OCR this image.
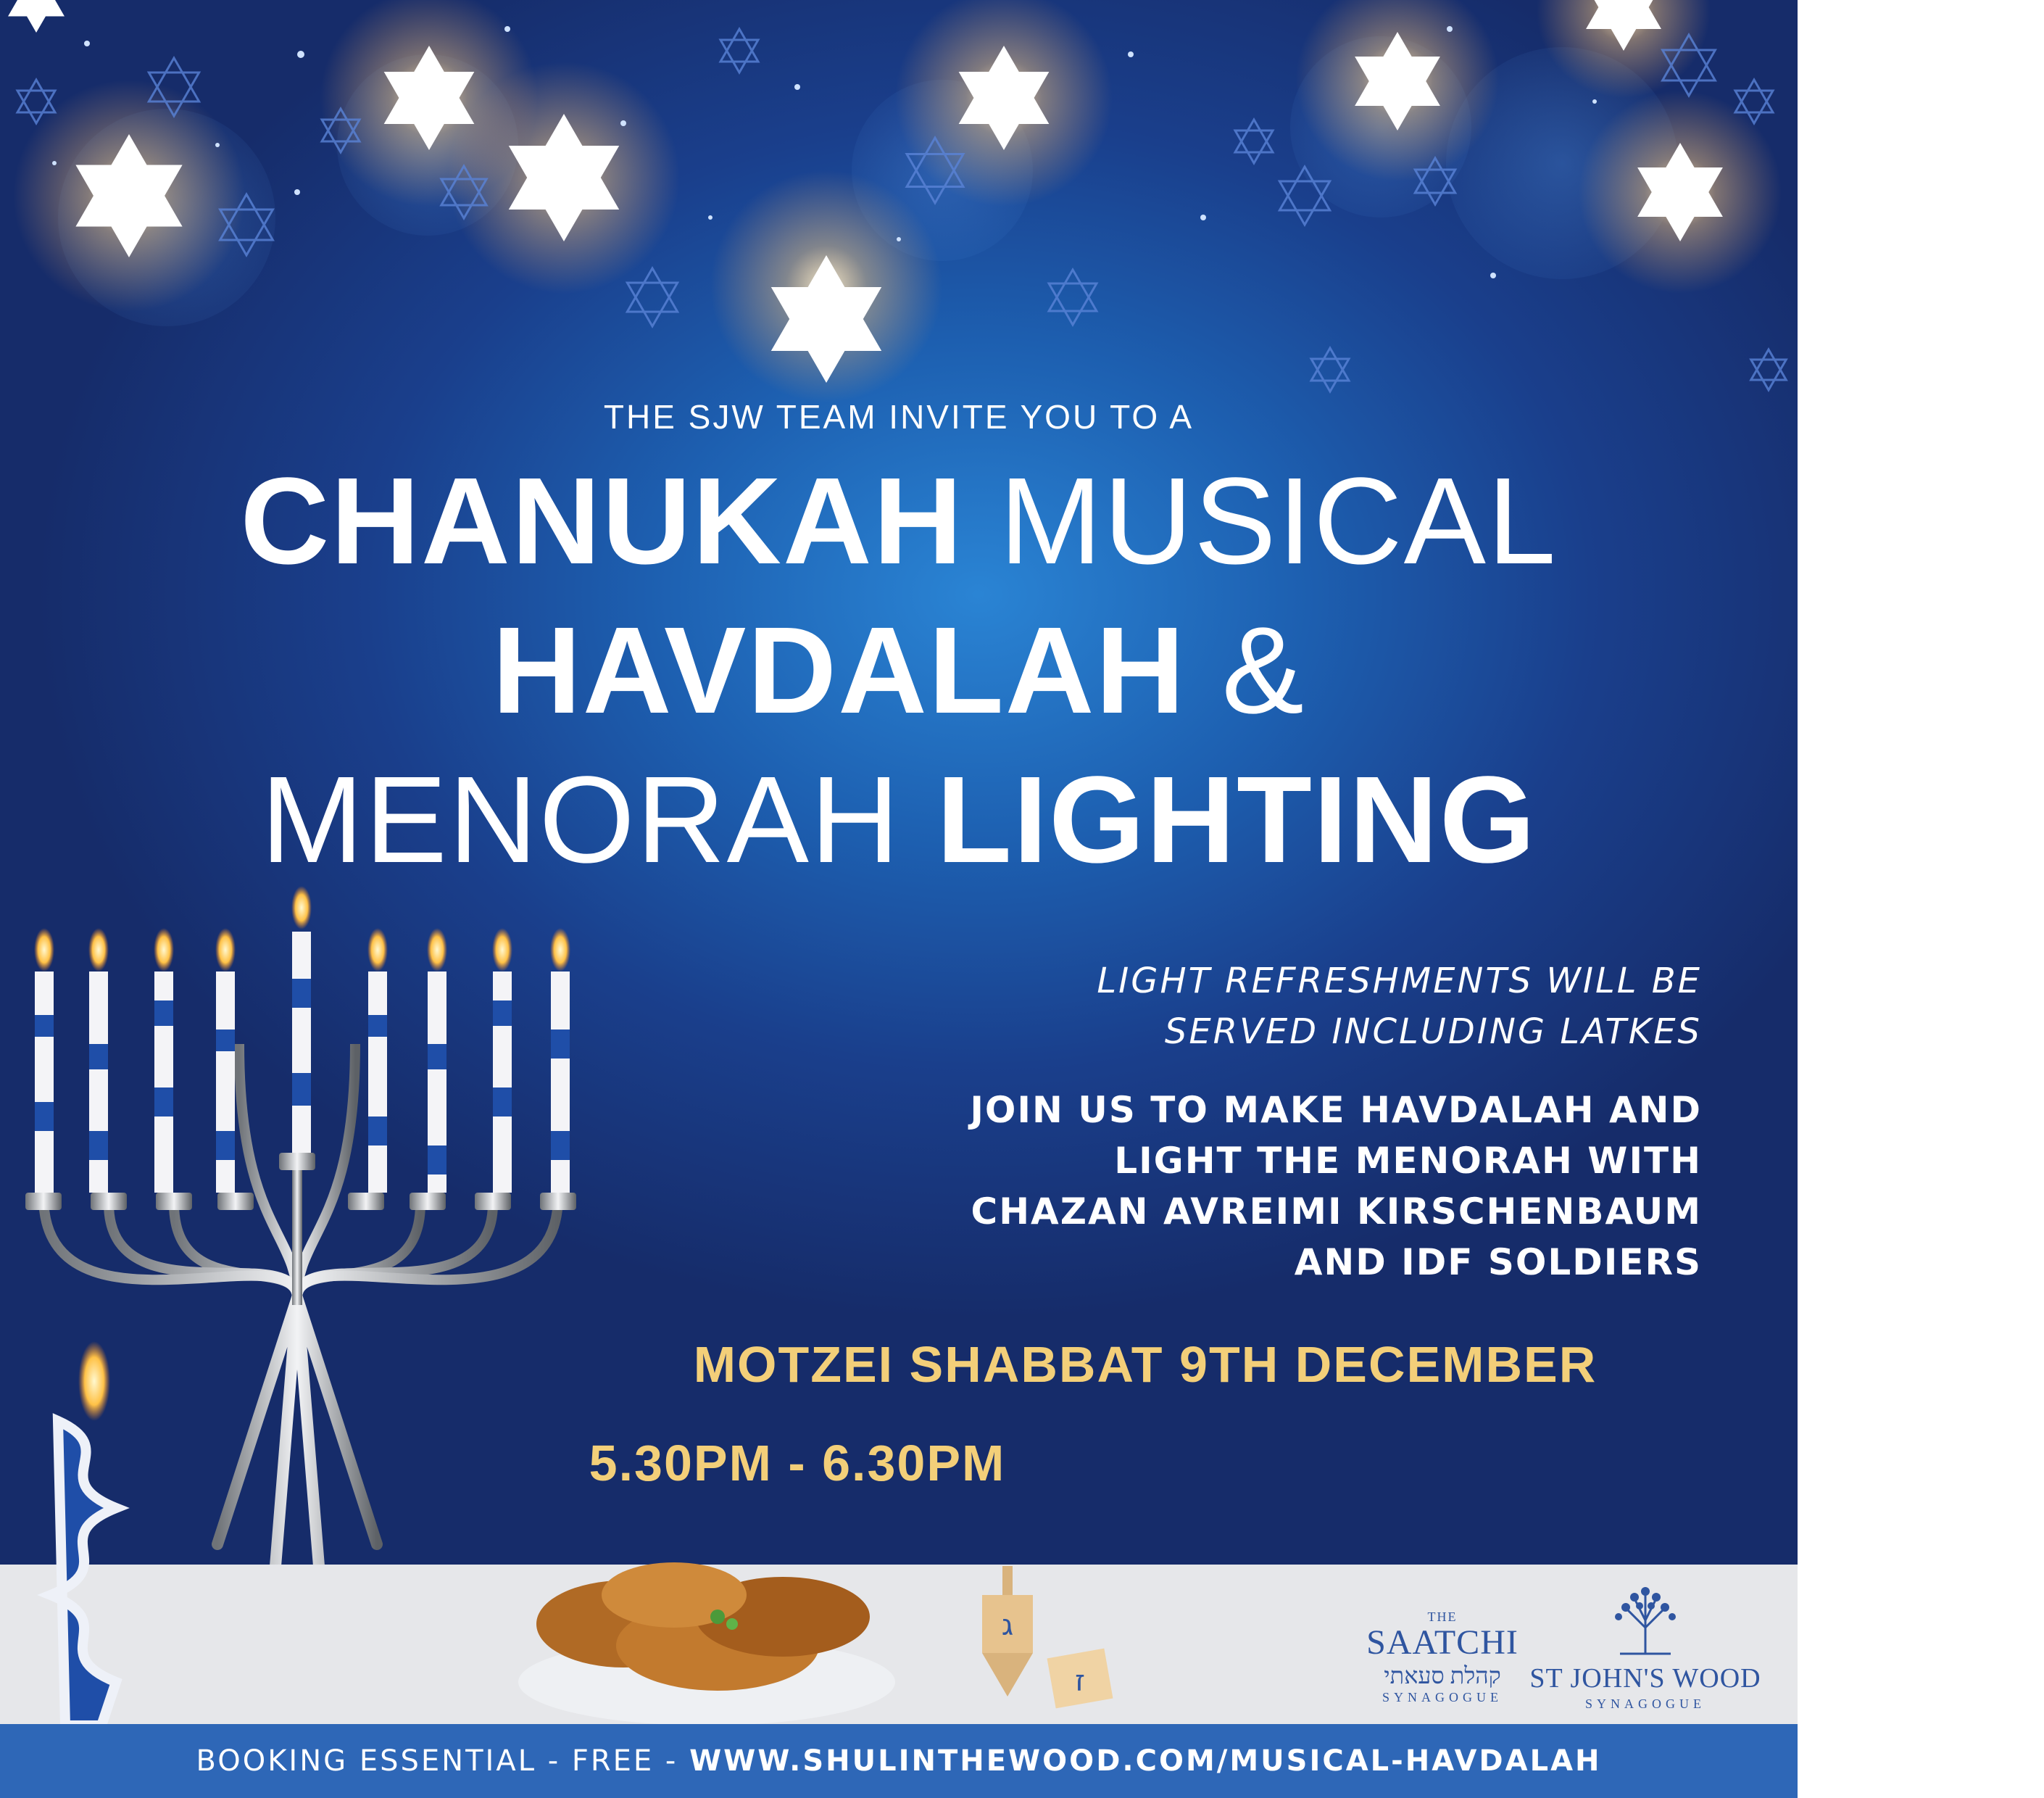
ג
ז
THE SJW TEAM INVITE YOU TO A
CHANUKAH MUSICAL
HAVDALAH &
MENORAH LIGHTING
LIGHT REFRESHMENTS WILL BE
SERVED INCLUDING LATKES
JOIN US TO MAKE HAVDALAH AND
LIGHT THE MENORAH WITH
CHAZAN AVREIMI KIRSCHENBAUM
AND IDF SOLDIERS
MOTZEI SHABBAT 9TH DECEMBER
5.30PM - 6.30PM
THE
SAATCHI
קהלת סעאתי
SYNAGOGUE
ST JOHN'S WOOD
SYNAGOGUE
BOOKING ESSENTIAL - FREE - WWW.SHULINTHEWOOD.COM/MUSICAL-HAVDALAH
